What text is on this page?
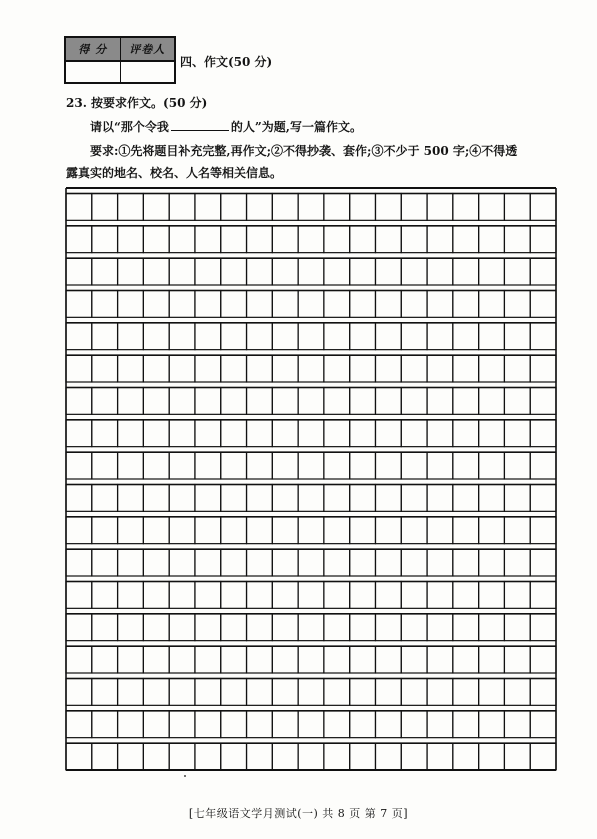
得 分	评卷人
四、作文(50 分)
23. 按要求作文。(50 分)
请以“那个令我	的人”为题,写一篇作文。
要求:①先将题目补充完整,再作文;②不得抄袭、套作;③不少于 500 字;④不得透
露真实的地名、校名、人名等相关信息。
[七年级语文学月测试(一) 共 8 页 第 7 页]
